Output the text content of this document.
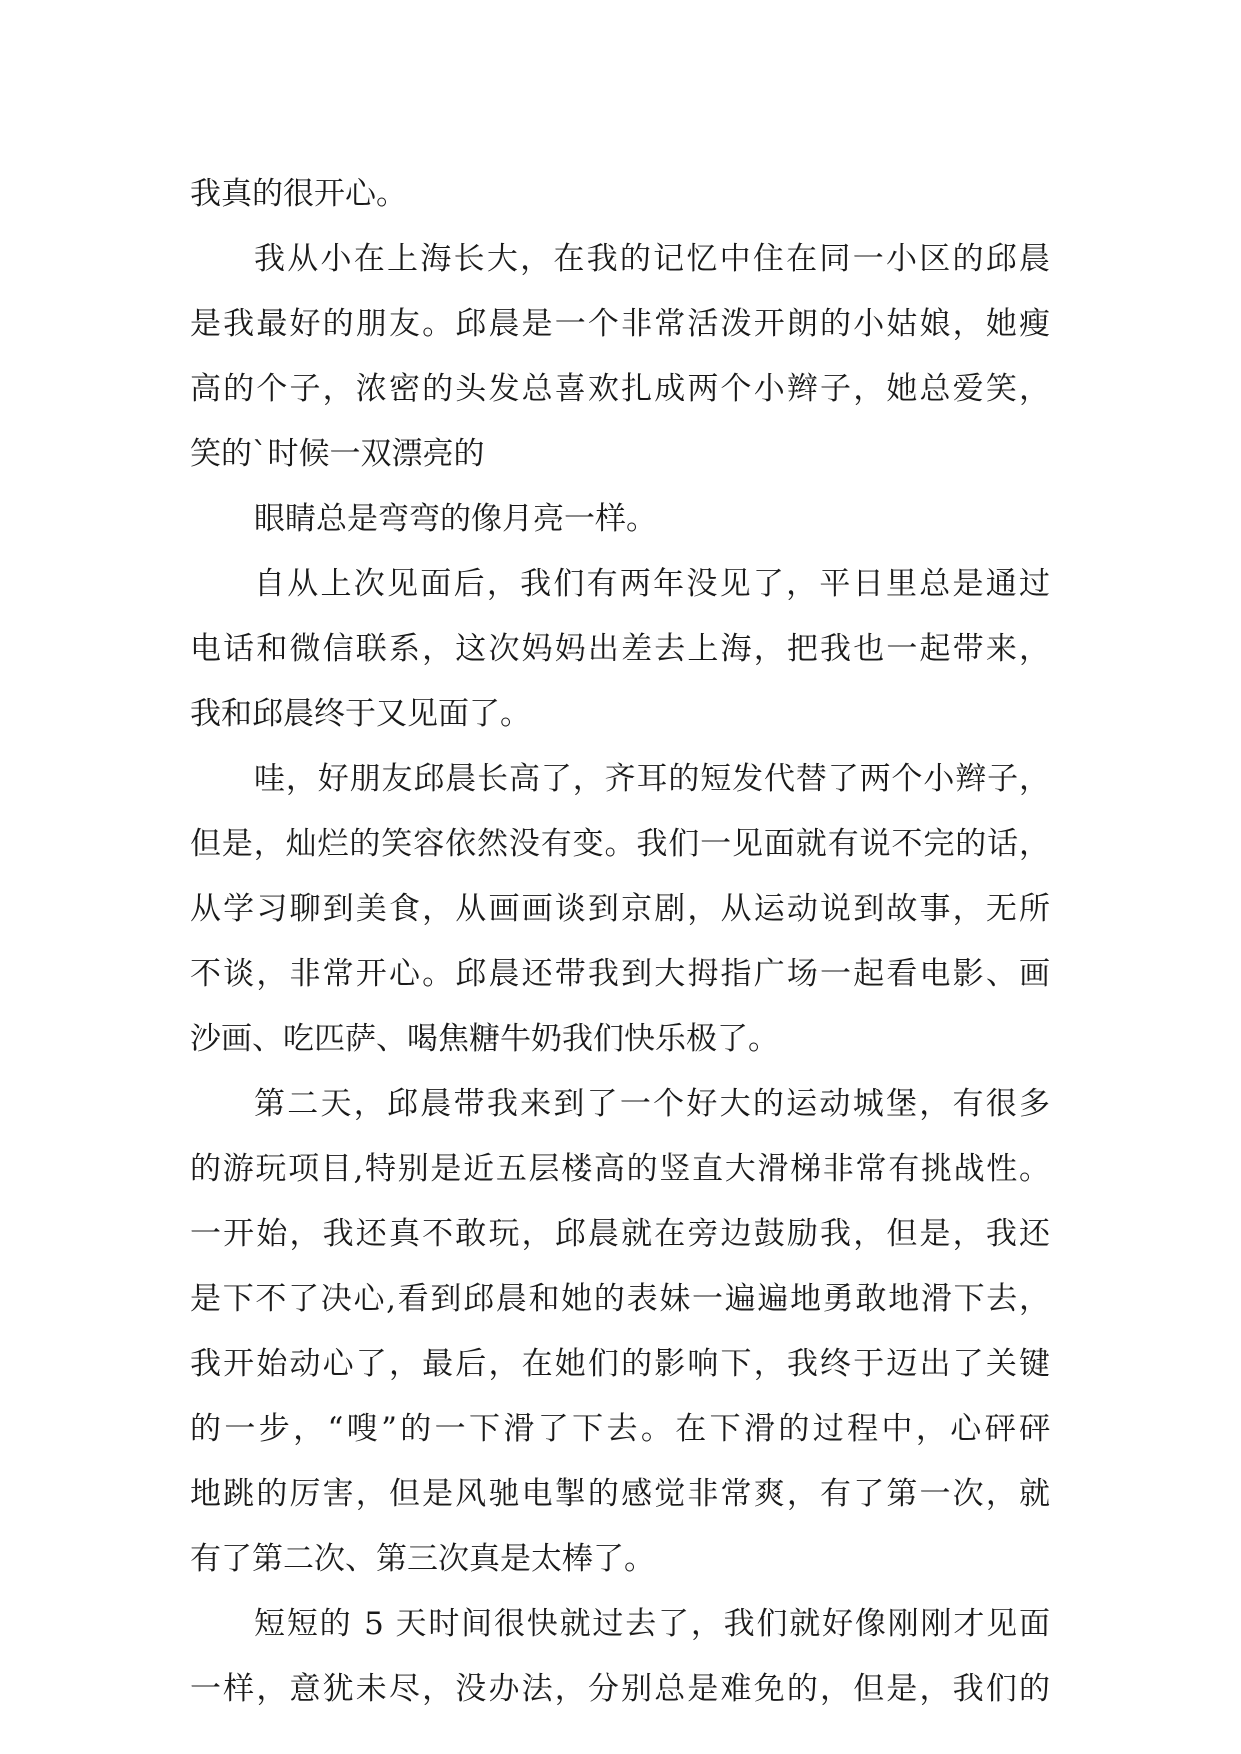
我真的很开心。
我从小在上海长大，在我的记忆中住在同一小区的邱晨
是我最好的朋友。邱晨是一个非常活泼开朗的小姑娘，她瘦
高的个子，浓密的头发总喜欢扎成两个小辫子，她总爱笑，
笑的`时候一双漂亮的
眼睛总是弯弯的像月亮一样。
自从上次见面后，我们有两年没见了，平日里总是通过
电话和微信联系，这次妈妈出差去上海，把我也一起带来，
我和邱晨终于又见面了。
哇，好朋友邱晨长高了，齐耳的短发代替了两个小辫子，
但是，灿烂的笑容依然没有变。我们一见面就有说不完的话，
从学习聊到美食，从画画谈到京剧，从运动说到故事，无所
不谈，非常开心。邱晨还带我到大拇指广场一起看电影、画
沙画、吃匹萨、喝焦糖牛奶我们快乐极了。
第二天，邱晨带我来到了一个好大的运动城堡，有很多
的游玩项目,特别是近五层楼高的竖直大滑梯非常有挑战性。
一开始，我还真不敢玩，邱晨就在旁边鼓励我，但是，我还
是下不了决心,看到邱晨和她的表妹一遍遍地勇敢地滑下去，
我开始动心了，最后，在她们的影响下，我终于迈出了关键
的一步，“嗖”的一下滑了下去。在下滑的过程中，心砰砰
地跳的厉害，但是风驰电掣的感觉非常爽，有了第一次，就
有了第二次、第三次真是太棒了。
短短的 5 天时间很快就过去了，我们就好像刚刚才见面
一样，意犹未尽，没办法，分别总是难免的，但是，我们的
